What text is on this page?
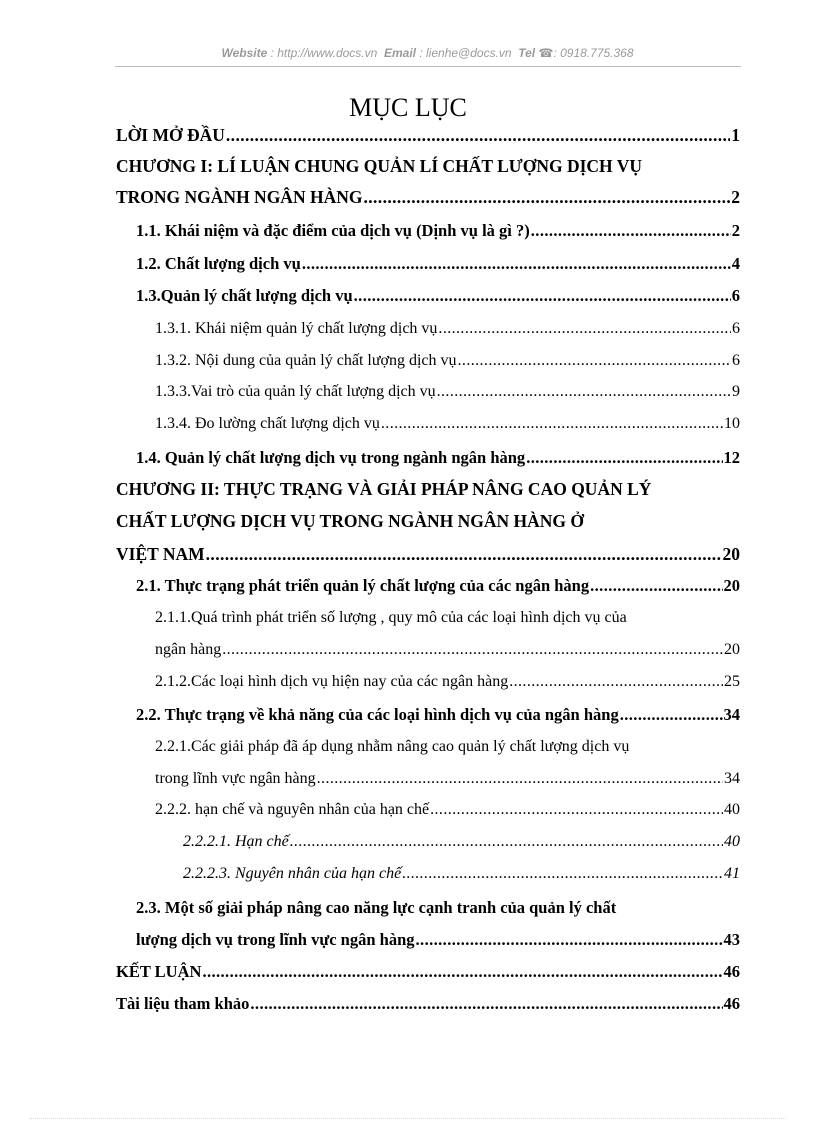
Website : http://www.docs.vn Email : lienhe@docs.vn Tel ☎: 0918.775.368
MỤC LỤC
LỜI MỞ ĐẦU .....	1
CHƯƠNG I: LÍ LUẬN CHUNG QUẢN LÍ CHẤT LƯỢNG DỊCH VỤ
TRONG NGÀNH NGÂN HÀNG .....	2
1.1. Khái niệm và đặc điểm của dịch vụ (Dịnh vụ là gì ?) .....	2
1.2. Chất lượng dịch vụ .....	4
1.3.Quản lý chất lượng dịch vụ .....	6
1.3.1. Khái niệm quản lý chất lượng dịch vụ .....	6
1.3.2. Nội dung của quản lý chất lượng dịch vụ .....	6
1.3.3.Vai trò của quản lý chất lượng dịch vụ .....	9
1.3.4. Đo lường chất lượng dịch vụ .....	10
1.4. Quản lý chất lượng dịch vụ trong ngành ngân hàng .....	12
CHƯƠNG II: THỰC TRẠNG VÀ GIẢI PHÁP NÂNG CAO QUẢN LÝ
CHẤT LƯỢNG DỊCH VỤ TRONG NGÀNH NGÂN HÀNG Ở
VIỆT NAM .....	20
2.1. Thực trạng phát triển quản lý chất lượng của các ngân hàng .....	20
2.1.1.Quá trình phát triển số lượng , quy mô của các loại hình dịch vụ của
ngân hàng .....	20
2.1.2.Các loại hình dịch vụ hiện nay của các ngân hàng .....	25
2.2. Thực trạng về khả năng của các loại hình dịch vụ của ngân hàng .....	34
2.2.1.Các giải pháp đã áp dụng nhằm nâng cao quản lý chất lượng dịch vụ
trong lĩnh vực ngân hàng .....	34
2.2.2. hạn chế và nguyên nhân của hạn chế .....	40
2.2.2.1. Hạn chế .....	40
2.2.2.3. Nguyên nhân của hạn chế .....	41
2.3. Một số giải pháp nâng cao năng lực cạnh tranh của quản lý chất
lượng dịch vụ trong lĩnh vực ngân hàng .....	43
KẾT LUẬN .....	46
Tài liệu tham khảo .....	46
